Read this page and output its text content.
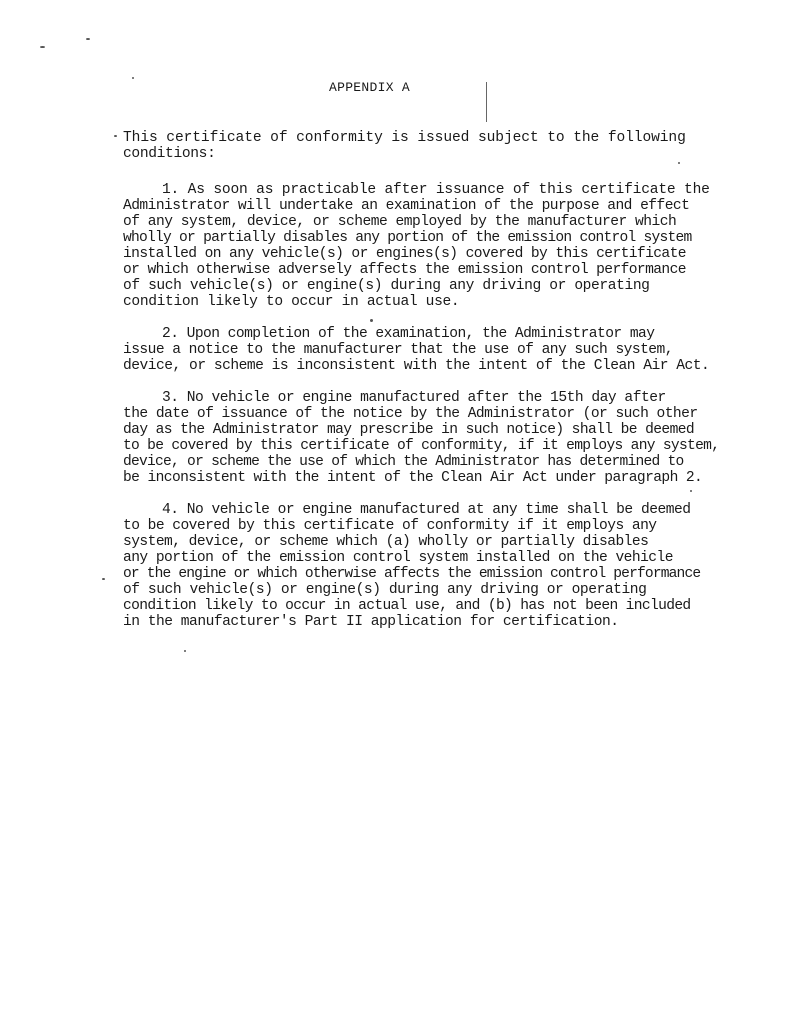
APPENDIX A
This certificate of conformity is issued subject to the following
conditions:
1. As soon as practicable after issuance of this certificate the
Administrator will undertake an examination of the purpose and effect
of any system, device, or scheme employed by the manufacturer which
wholly or partially disables any portion of the emission control system
installed on any vehicle(s) or engines(s) covered by this certificate
or which otherwise adversely affects the emission control performance
of such vehicle(s) or engine(s) during any driving or operating
condition likely to occur in actual use.
2. Upon completion of the examination, the Administrator may
issue a notice to the manufacturer that the use of any such system,
device, or scheme is inconsistent with the intent of the Clean Air Act.
3. No vehicle or engine manufactured after the 15th day after
the date of issuance of the notice by the Administrator (or such other
day as the Administrator may prescribe in such notice) shall be deemed
to be covered by this certificate of conformity, if it employs any system,
device, or scheme the use of which the Administrator has determined to
be inconsistent with the intent of the Clean Air Act under paragraph 2.
4. No vehicle or engine manufactured at any time shall be deemed
to be covered by this certificate of conformity if it employs any
system, device, or scheme which (a) wholly or partially disables
any portion of the emission control system installed on the vehicle
or the engine or which otherwise affects the emission control performance
of such vehicle(s) or engine(s) during any driving or operating
condition likely to occur in actual use, and (b) has not been included
in the manufacturer's Part II application for certification.
